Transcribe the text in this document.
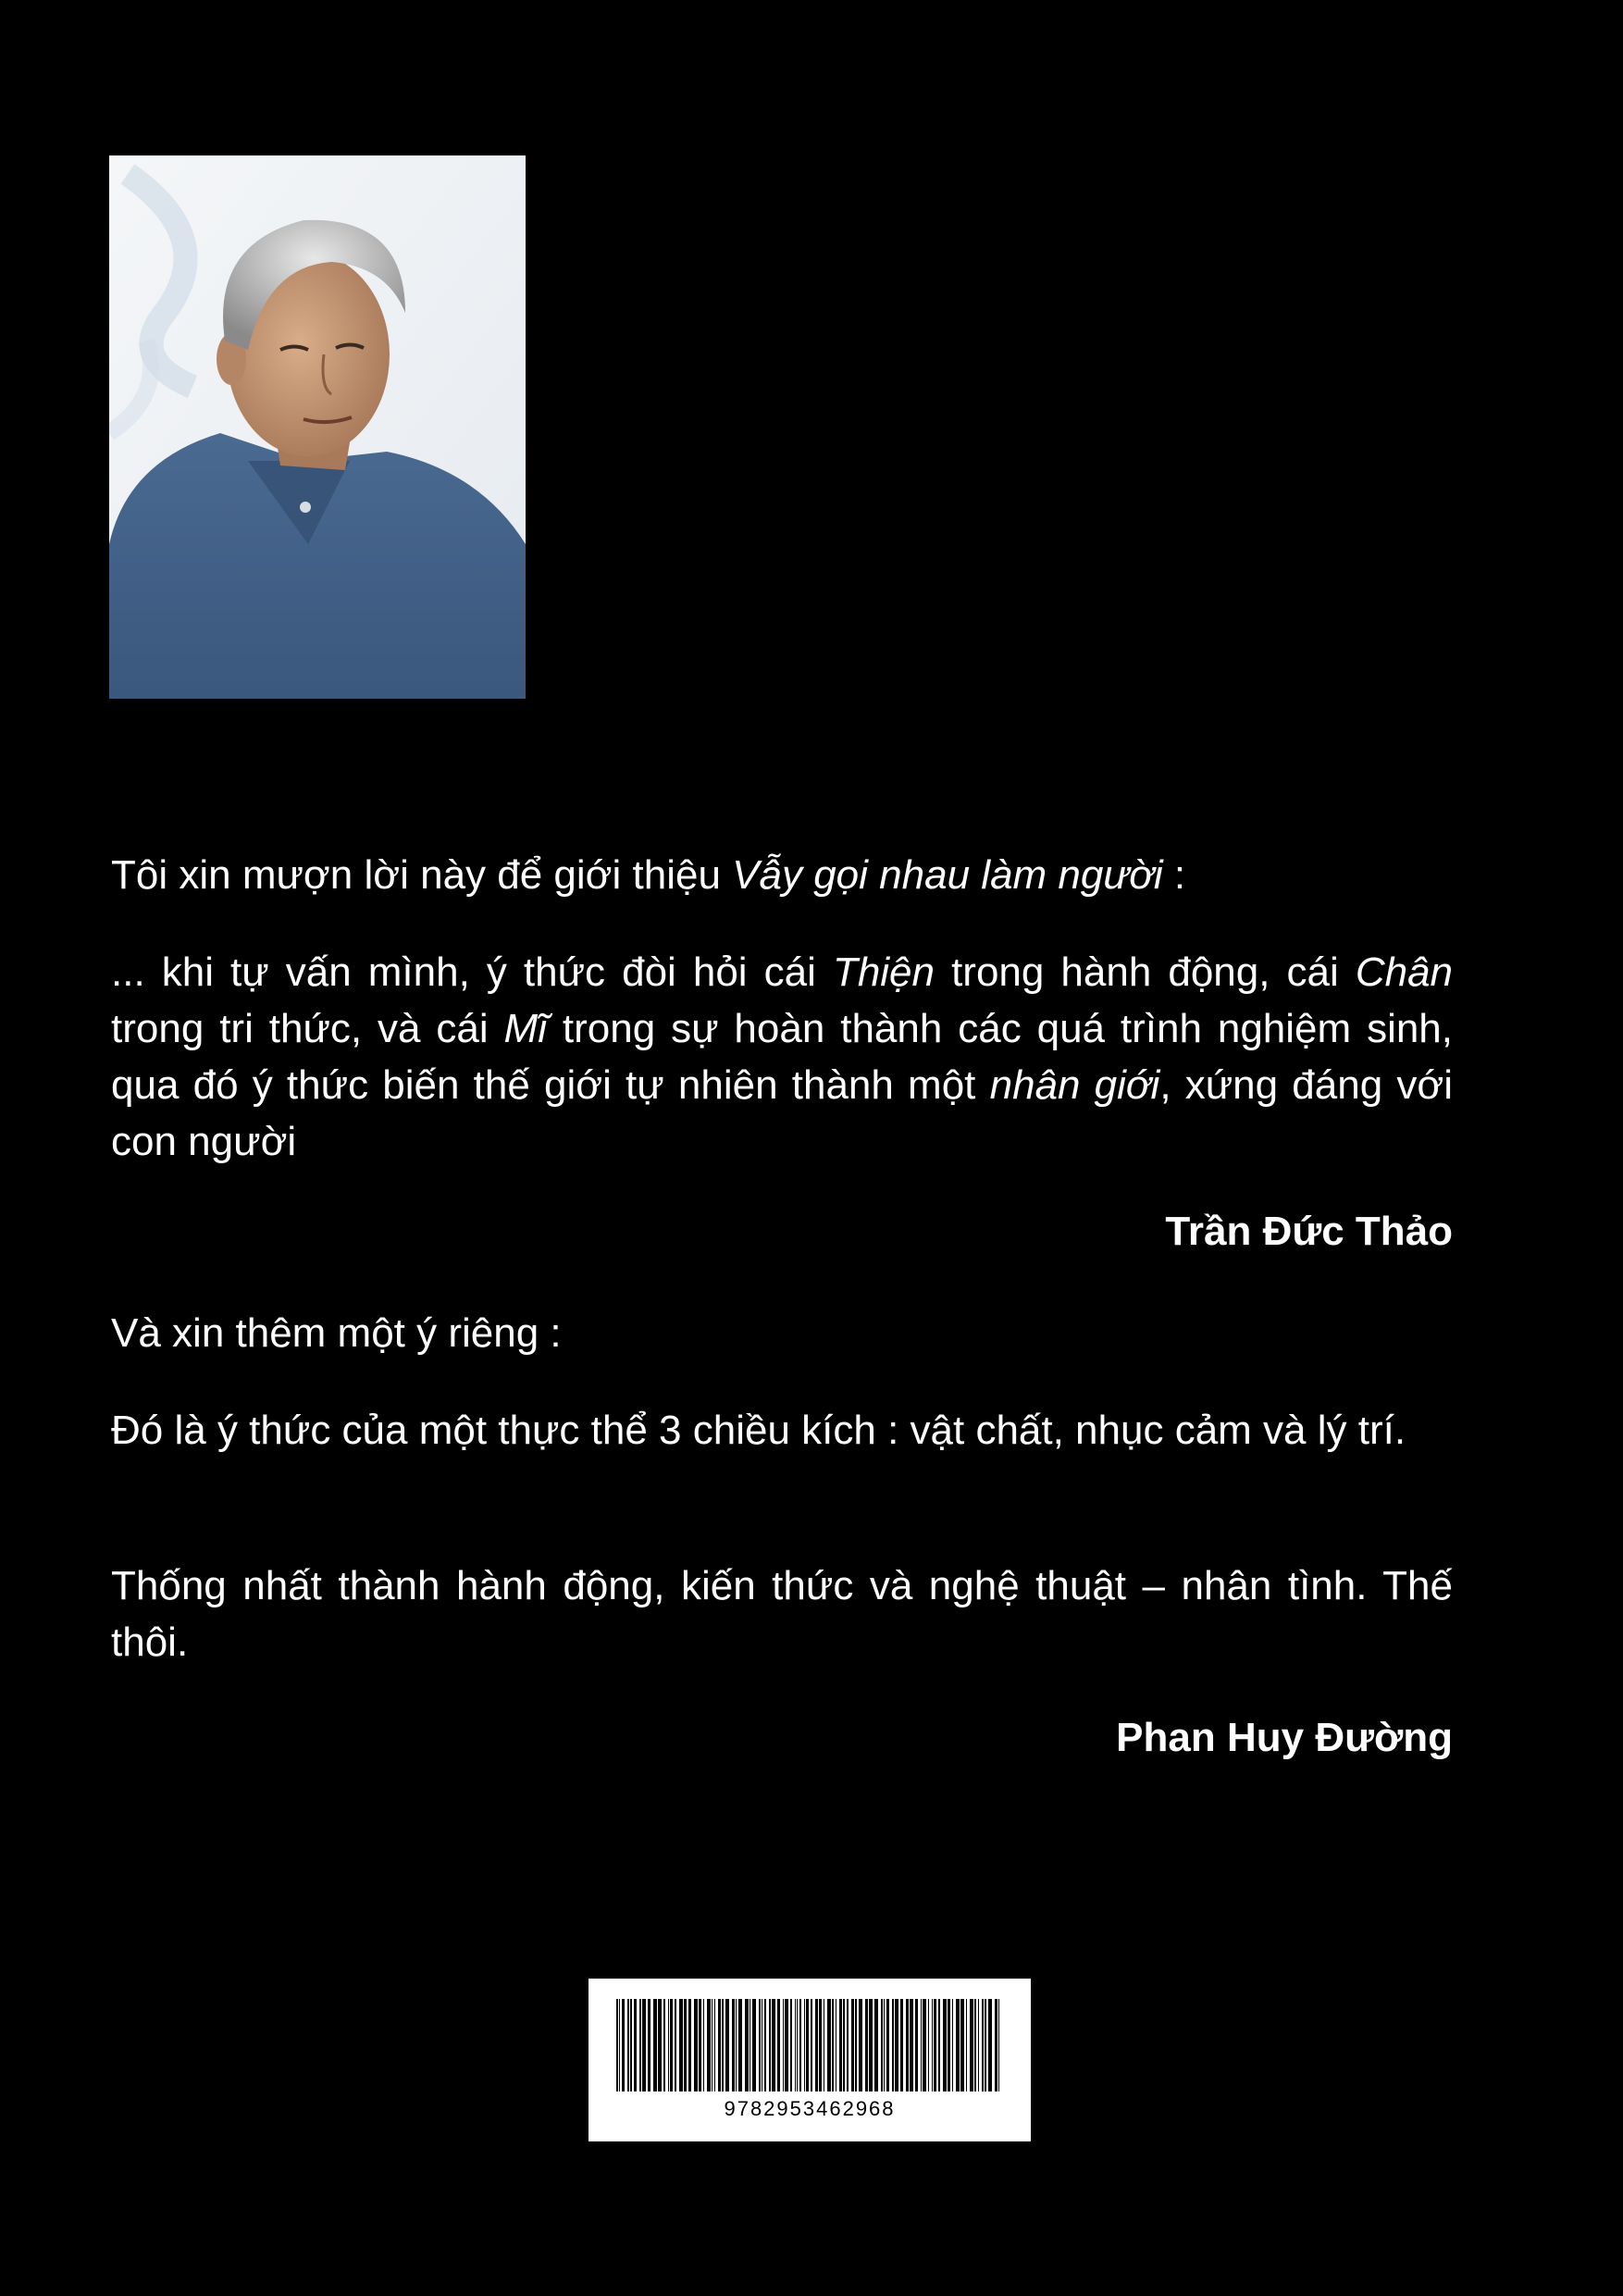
Tôi xin mượn lời này để giới thiệu Vẫy gọi nhau làm người :
... khi tự vấn mình, ý thức đòi hỏi cái Thiện trong hành động, cái Chân trong tri thức, và cái Mĩ trong sự hoàn thành các quá trình nghiệm sinh, qua đó ý thức biến thế giới tự nhiên thành một nhân giới, xứng đáng với con người
Trần Đức Thảo
Và xin thêm một ý riêng :
Đó là ý thức của một thực thể 3 chiều kích : vật chất, nhục cảm và lý trí.
Thống nhất thành hành động, kiến thức và nghệ thuật – nhân tình. Thế thôi.
Phan Huy Đường
9782953462968
